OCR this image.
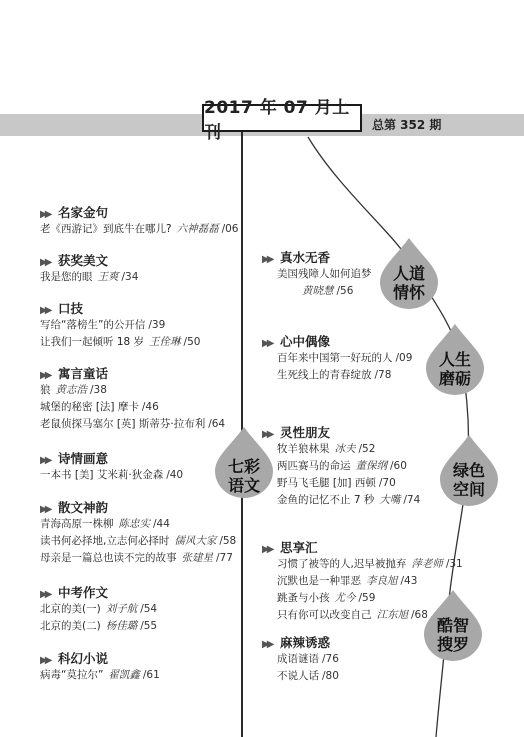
2017 年 07 月上刊	总第 352 期
七彩
语文
人道
情怀
人生
磨砺
绿色
空间
酷智
搜罗
▶▶ 名家金句
老《西游记》到底牛在哪儿? 六神磊磊 /06
▶▶ 获奖美文
我是您的眼 王爽 /34
▶▶ 口技
写给“落榜生”的公开信 /39
让我们一起倾听 18 岁 王佺琳 /50
▶▶ 寓言童话
狼 黄志浩 /38
城堡的秘密 [法] 摩卡 /46
老鼠侦探马塞尔 [英] 斯蒂芬·拉布利 /64
▶▶ 诗情画意
一本书 [美] 艾米莉·狄金森 /40
▶▶ 散文神韵
青海高原一株柳 陈忠实 /44
读书何必择地,立志何必择时 儒风大家 /58
母亲是一篇总也读不完的故事 张建星 /77
▶▶ 中考作文
北京的美(一) 刘子航 /54
北京的美(二) 杨佳璐 /55
▶▶ 科幻小说
病毒“莫拉尔” 翟凯鑫 /61
▶▶ 真水无香
美国残障人如何追梦
黄晓慧 /56
▶▶ 心中偶像
百年来中国第一好玩的人 /09
生死线上的青春绽放 /78
▶▶ 灵性朋友
牧羊狼林果 冰夫 /52
两匹赛马的命运 董保纲 /60
野马飞毛腿 [加] 西顿 /70
金鱼的记忆不止 7 秒 大嘴 /74
▶▶ 思享汇
习惯了被等的人,迟早被抛弃 萍老师 /31
沉默也是一种罪恶 李良旭 /43
跳蚤与小孩 尤今 /59
只有你可以改变自己 江东旭 /68
▶▶ 麻辣诱惑
成语谜语 /76
不说人话 /80
